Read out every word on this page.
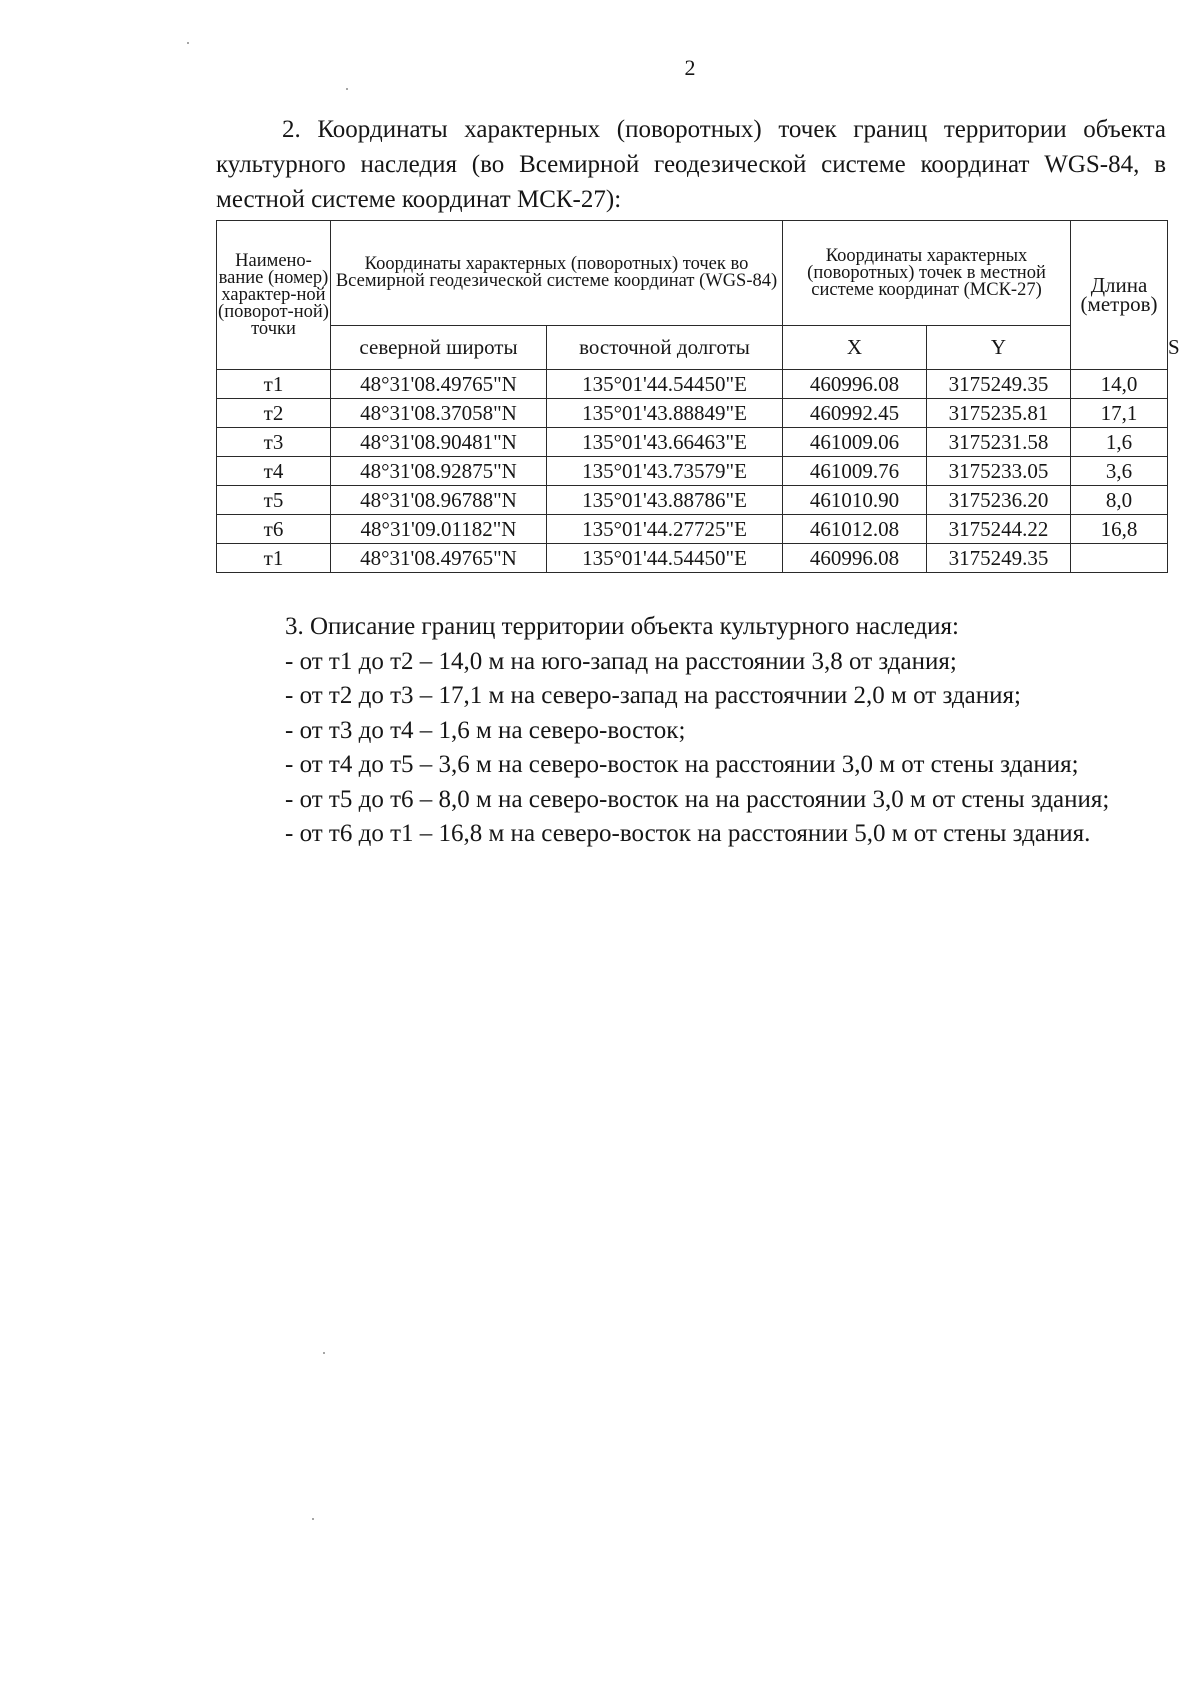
2

2. Координаты характерных (поворотных) точек границ территории объекта культурного наследия (во Всемирной геодезической системе координат WGS-84, в местной системе координат МСК-27):

Наимено-вание (номер) характер-ной (поворот-ной) точки	Координаты характерных (поворотных) точек во Всемирной геодезической системе координат (WGS-84)		Координаты характерных (поворотных) точек в местной системе координат (МСК-27)		Длина (метров)	
	северной широты	восточной долготы	X	Y		S
т1	48°31'08.49765"N	135°01'44.54450"E	460996.08	3175249.35	14,0	
т2	48°31'08.37058"N	135°01'43.88849"E	460992.45	3175235.81	17,1	
т3	48°31'08.90481"N	135°01'43.66463"E	461009.06	3175231.58	1,6	
т4	48°31'08.92875"N	135°01'43.73579"E	461009.76	3175233.05	3,6	
т5	48°31'08.96788"N	135°01'43.88786"E	461010.90	3175236.20	8,0	
т6	48°31'09.01182"N	135°01'44.27725"E	461012.08	3175244.22	16,8	
т1	48°31'08.49765"N	135°01'44.54450"E	460996.08	3175249.35		
3. Описание границ территории объекта культурного наследия:
- от т1 до т2 – 14,0 м на юго-запад на расстоянии 3,8 от здания;
- от т2 до т3 – 17,1 м на северо-запад на расстоячнии 2,0 м от здания;
- от т3 до т4 – 1,6 м на северо-восток;
- от т4 до т5 – 3,6 м на северо-восток на расстоянии 3,0 м от стены здания;
- от т5 до т6 – 8,0 м на северо-восток на на расстоянии 3,0 м от стены здания;
- от т6 до т1 – 16,8 м на северо-восток на расстоянии 5,0 м от стены здания.
